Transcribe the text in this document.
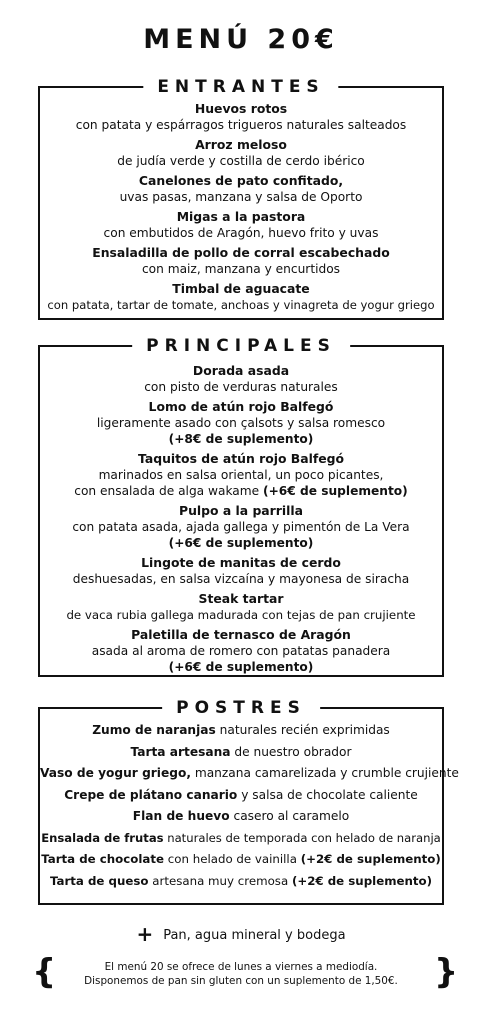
MENÚ 20€
ENTRANTES
Huevos rotos
con patata y espárragos trigueros naturales salteados
Arroz meloso
de judía verde y costilla de cerdo ibérico
Canelones de pato confitado,
uvas pasas, manzana y salsa de Oporto
Migas a la pastora
con embutidos de Aragón, huevo frito y uvas
Ensaladilla de pollo de corral escabechado
con maiz, manzana y encurtidos
Timbal de aguacate
con patata, tartar de tomate, anchoas y vinagreta de yogur griego
PRINCIPALES
Dorada asada
con pisto de verduras naturales
Lomo de atún rojo Balfegó
ligeramente asado con çalsots y salsa romesco
(+8€ de suplemento)
Taquitos de atún rojo Balfegó
marinados en salsa oriental, un poco picantes,
con ensalada de alga wakame (+6€ de suplemento)
Pulpo a la parrilla
con patata asada, ajada gallega y pimentón de La Vera
(+6€ de suplemento)
Lingote de manitas de cerdo
deshuesadas, en salsa vizcaína y mayonesa de siracha
Steak tartar
de vaca rubia gallega madurada con tejas de pan crujiente
Paletilla de ternasco de Aragón
asada al aroma de romero con patatas panadera
(+6€ de suplemento)
POSTRES
Zumo de naranjas naturales recién exprimidas
Tarta artesana de nuestro obrador
Vaso de yogur griego, manzana camarelizada y crumble crujiente
Crepe de plátano canario y salsa de chocolate caliente
Flan de huevo casero al caramelo
Ensalada de frutas naturales de temporada con helado de naranja
Tarta de chocolate con helado de vainilla (+2€ de suplemento)
Tarta de queso artesana muy cremosa (+2€ de suplemento)
+ Pan, agua mineral y bodega
{	El menú 20 se ofrece de lunes a viernes a mediodía.
Disponemos de pan sin gluten con un suplemento de 1,50€.	}
